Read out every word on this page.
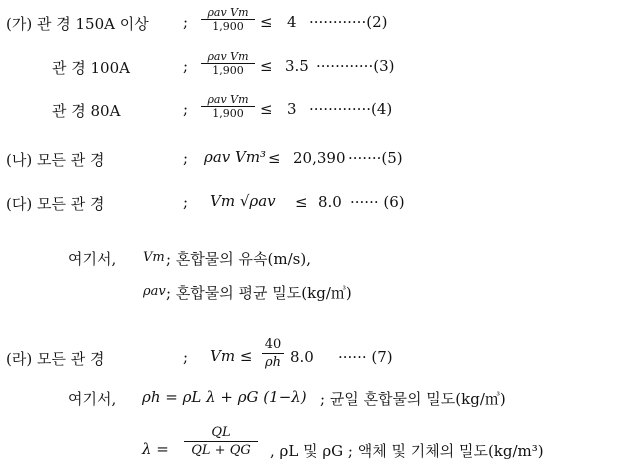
(가) 관 경 150A 이상 ;
ρav Vm
1,900	≤ 4 ············(2)
관 경 100A	;
ρav Vm
1,900	≤ 3.5 ············(3)
관 경 80A	;
ρav Vm
1,900	≤ 3 ·············(4)
(나) 모든 관 경	; ρav Vm³ ≤ 20,390 ·······(5)
(다) 모든 관 경	; Vm √ρav ≤ 8.0 ······ (6)
여기서, Vm ; 혼합물의 유속(m/s),
ρav ; 혼합물의 평균 밀도(kg/㎥)
(라) 모든 관 경	; Vm ≤
40
ρh 8.0 ······ (7)
여기서, ρh = ρL λ + ρG (1−λ) ; 균일 혼합물의 밀도(kg/㎥)
λ =
QL
QL + QG	, ρL 및 ρG ; 액체 및 기체의 밀도(kg/m³)
